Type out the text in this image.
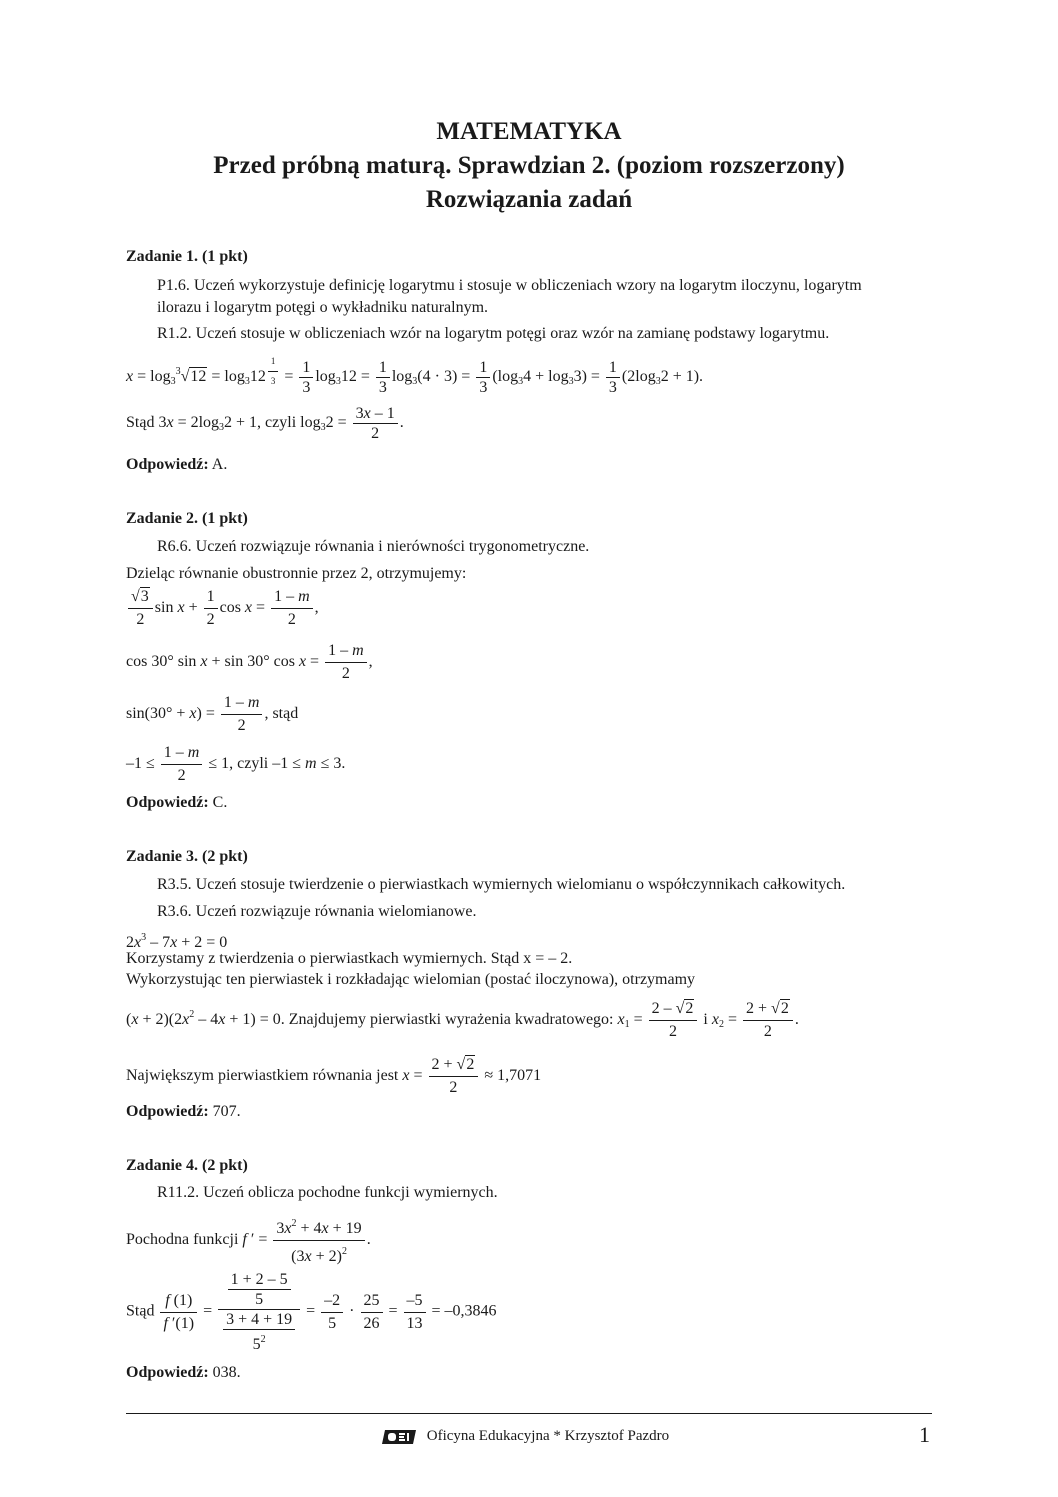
MATEMATYKA
Przed próbną maturą. Sprawdzian 2. (poziom rozszerzony)
Rozwiązania zadań
Zadanie 1. (1 pkt)
P1.6. Uczeń wykorzystuje definicję logarytmu i stosuje w obliczeniach wzory na logarytm iloczynu, logarytm
ilorazu i logarytm potęgi o wykładniku naturalnym.
R1.2. Uczeń stosuje w obliczeniach wzór na logarytm potęgi oraz wzór na zamianę podstawy logarytmu.
$x = \log_3^3√12 = \log_312$ $^{\frac{1}{3}} = \frac{1}{3} \log_312 = \frac{1}{3} \log_3(4 \cdot 3) = \frac{1}{3} (\log_34 + \log_33) = \frac{1}{3} (2\log_32 + 1)$.
Stąd $3x = 2\log_32 + 1$, czyli $\log_32 = \frac{3x - 1}{2}$ .
Odpowiedź: A.
Zadanie 2. (1 pkt)
R6.6. Uczeń rozwiązuje równania i nierówności trygonometryczne.
Dzieląc równanie obustronnie przez 2, otrzymujemy:
$\frac{√3}{2}$ $\sin x + \frac{1}{2}$ $\cos x = \frac{1 - m}{2}$ ,
cos 30° sin x + sin 30° $\cos x = \frac{1 - m}{2}$ ,
$\sin(30^\circ + x) = \frac{1 - m}{2}$ , stąd
$-1 \le \frac{1 - m}{2} \le 1$, czyli –1 ≤ m ≤ 3.
Odpowiedź: C.
Zadanie 3. (2 pkt)
R3.5. Uczeń stosuje twierdzenie o pierwiastkach wymiernych wielomianu o współczynnikach całkowitych.
R3.6. Uczeń rozwiązuje równania wielomianowe.
$2x^3 - 7x + 2 = 0$
Korzystamy z twierdzenia o pierwiastkach wymiernych. Stąd x = – 2.
Wykorzystując ten pierwiastek i rozkładając wielomian (postać iloczynowa), otrzymamy
$(x + 2)(2x^2 - 4x + 1) = 0$. Znajdujemy pierwiastki wyrażenia kwadratowego: $x_1 = \frac{2 - √2}{2}$ i $x_2 = \frac{2 + √2}{2}$ .
Największym pierwiastkiem równania jest $x = \frac{2 + √2}{2} \approx 1,7071$
Odpowiedź: 707.
Zadanie 4. (2 pkt)
R11.2. Uczeń oblicza pochodne funkcji wymiernych.
Pochodna funkcji f ′ = $\frac{3x^2 + 4x + 19}{(3x + 2)^2}$ .
Stąd $\frac{f (1)}{f '(1)} = \frac{\frac{1 + 2 - 5}{5}}{\frac{3 + 4 + 19}{5^2}} = \frac{-2}{5} \cdot \frac{25}{26} = \frac{-5}{13} = -0,3846$
Odpowiedź: 038.
Oficyna Edukacyjna * Krzysztof Pazdro	1
